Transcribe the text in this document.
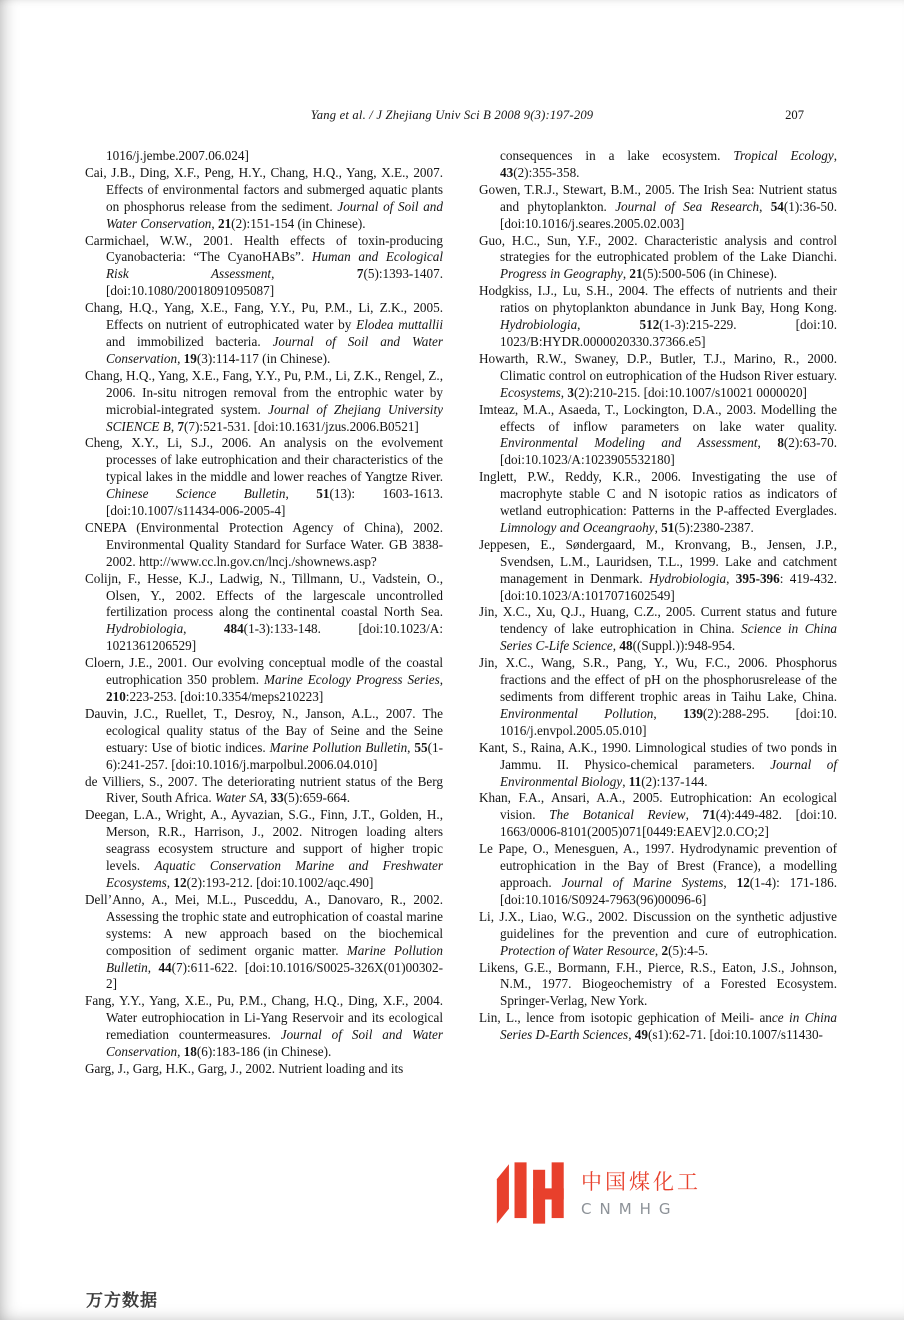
Yang et al. / J Zhejiang Univ Sci B 2008 9(3):197-209	207

1016/j.jembe.2007.06.024]

Cai, J.B., Ding, X.F., Peng, H.Y., Chang, H.Q., Yang, X.E., 2007. Effects of environmental factors and submerged aquatic plants on phosphorus release from the sediment. Journal of Soil and Water Conservation, 21(2):151-154 (in Chinese).

Carmichael, W.W., 2001. Health effects of toxin-producing Cyanobacteria: “The CyanoHABs”. Human and Ecological Risk Assessment, 7(5):1393-1407. [doi:10.1080/20018091095087]

Chang, H.Q., Yang, X.E., Fang, Y.Y., Pu, P.M., Li, Z.K., 2005. Effects on nutrient of eutrophicated water by Elodea muttallii and immobilized bacteria. Journal of Soil and Water Conservation, 19(3):114-117 (in Chinese).

Chang, H.Q., Yang, X.E., Fang, Y.Y., Pu, P.M., Li, Z.K., Rengel, Z., 2006. In-situ nitrogen removal from the entrophic water by microbial-integrated system. Journal of Zhejiang University SCIENCE B, 7(7):521-531. [doi:10.1631/jzus.2006.B0521]

Cheng, X.Y., Li, S.J., 2006. An analysis on the evolvement processes of lake eutrophication and their characteristics of the typical lakes in the middle and lower reaches of Yangtze River. Chinese Science Bulletin, 51(13): 1603-1613. [doi:10.1007/s11434-006-2005-4]

CNEPA (Environmental Protection Agency of China), 2002. Environmental Quality Standard for Surface Water. GB 3838-2002. http://www.cc.ln.gov.cn/lncj./shownews.asp?

Colijn, F., Hesse, K.J., Ladwig, N., Tillmann, U., Vadstein, O., Olsen, Y., 2002. Effects of the largescale uncontrolled fertilization process along the continental coastal North Sea. Hydrobiologia, 484(1-3):133-148. [doi:10.1023/A: 1021361206529]

Cloern, J.E., 2001. Our evolving conceptual modle of the coastal eutrophication 350 problem. Marine Ecology Progress Series, 210:223-253. [doi:10.3354/meps210223]

Dauvin, J.C., Ruellet, T., Desroy, N., Janson, A.L., 2007. The ecological quality status of the Bay of Seine and the Seine estuary: Use of biotic indices. Marine Pollution Bulletin, 55(1-6):241-257. [doi:10.1016/j.marpolbul.2006.04.010]

de Villiers, S., 2007. The deteriorating nutrient status of the Berg River, South Africa. Water SA, 33(5):659-664.

Deegan, L.A., Wright, A., Ayvazian, S.G., Finn, J.T., Golden, H., Merson, R.R., Harrison, J., 2002. Nitrogen loading alters seagrass ecosystem structure and support of higher tropic levels. Aquatic Conservation Marine and Freshwater Ecosystems, 12(2):193-212. [doi:10.1002/aqc.490]

Dell’Anno, A., Mei, M.L., Pusceddu, A., Danovaro, R., 2002. Assessing the trophic state and eutrophication of coastal marine systems: A new approach based on the biochemical composition of sediment organic matter. Marine Pollution Bulletin, 44(7):611-622. [doi:10.1016/S0025-326X(01)00302-2]

Fang, Y.Y., Yang, X.E., Pu, P.M., Chang, H.Q., Ding, X.F., 2004. Water eutrophiocation in Li-Yang Reservoir and its ecological remediation countermeasures. Journal of Soil and Water Conservation, 18(6):183-186 (in Chinese).

Garg, J., Garg, H.K., Garg, J., 2002. Nutrient loading and its

consequences in a lake ecosystem. Tropical Ecology, 43(2):355-358.

Gowen, T.R.J., Stewart, B.M., 2005. The Irish Sea: Nutrient status and phytoplankton. Journal of Sea Research, 54(1):36-50. [doi:10.1016/j.seares.2005.02.003]

Guo, H.C., Sun, Y.F., 2002. Characteristic analysis and control strategies for the eutrophicated problem of the Lake Dianchi. Progress in Geography, 21(5):500-506 (in Chinese).

Hodgkiss, I.J., Lu, S.H., 2004. The effects of nutrients and their ratios on phytoplankton abundance in Junk Bay, Hong Kong. Hydrobiologia, 512(1-3):215-229. [doi:10. 1023/B:HYDR.0000020330.37366.e5]

Howarth, R.W., Swaney, D.P., Butler, T.J., Marino, R., 2000. Climatic control on eutrophication of the Hudson River estuary. Ecosystems, 3(2):210-215. [doi:10.1007/s10021 0000020]

Imteaz, M.A., Asaeda, T., Lockington, D.A., 2003. Modelling the effects of inflow parameters on lake water quality. Environmental Modeling and Assessment, 8(2):63-70. [doi:10.1023/A:1023905532180]

Inglett, P.W., Reddy, K.R., 2006. Investigating the use of macrophyte stable C and N isotopic ratios as indicators of wetland eutrophication: Patterns in the P-affected Everglades. Limnology and Oceangraohy, 51(5):2380-2387.

Jeppesen, E., Søndergaard, M., Kronvang, B., Jensen, J.P., Svendsen, L.M., Lauridsen, T.L., 1999. Lake and catchment management in Denmark. Hydrobiologia, 395-396: 419-432. [doi:10.1023/A:1017071602549]

Jin, X.C., Xu, Q.J., Huang, C.Z., 2005. Current status and future tendency of lake eutrophication in China. Science in China Series C-Life Science, 48((Suppl.)):948-954.

Jin, X.C., Wang, S.R., Pang, Y., Wu, F.C., 2006. Phosphorus fractions and the effect of pH on the phosphorusrelease of the sediments from different trophic areas in Taihu Lake, China. Environmental Pollution, 139(2):288-295. [doi:10. 1016/j.envpol.2005.05.010]

Kant, S., Raina, A.K., 1990. Limnological studies of two ponds in Jammu. II. Physico-chemical parameters. Journal of Environmental Biology, 11(2):137-144.

Khan, F.A., Ansari, A.A., 2005. Eutrophication: An ecological vision. The Botanical Review, 71(4):449-482. [doi:10. 1663/0006-8101(2005)071[0449:EAEV]2.0.CO;2]

Le Pape, O., Menesguen, A., 1997. Hydrodynamic prevention of eutrophication in the Bay of Brest (France), a modelling approach. Journal of Marine Systems, 12(1-4): 171-186. [doi:10.1016/S0924-7963(96)00096-6]

Li, J.X., Liao, W.G., 2002. Discussion on the synthetic adjustive guidelines for the prevention and cure of eutrophication. Protection of Water Resource, 2(5):4-5.

Likens, G.E., Bormann, F.H., Pierce, R.S., Eaton, J.S., Johnson, N.M., 1977. Biogeochemistry of a Forested Ecosystem. Springer-Verlag, New York.

Lin, L., lence from isotopic gephication of Meili- ance in China Series D-Earth Sciences, 49(s1):62-71. [doi:10.1007/s11430-

中国煤化工
CNMHG
万方数据
